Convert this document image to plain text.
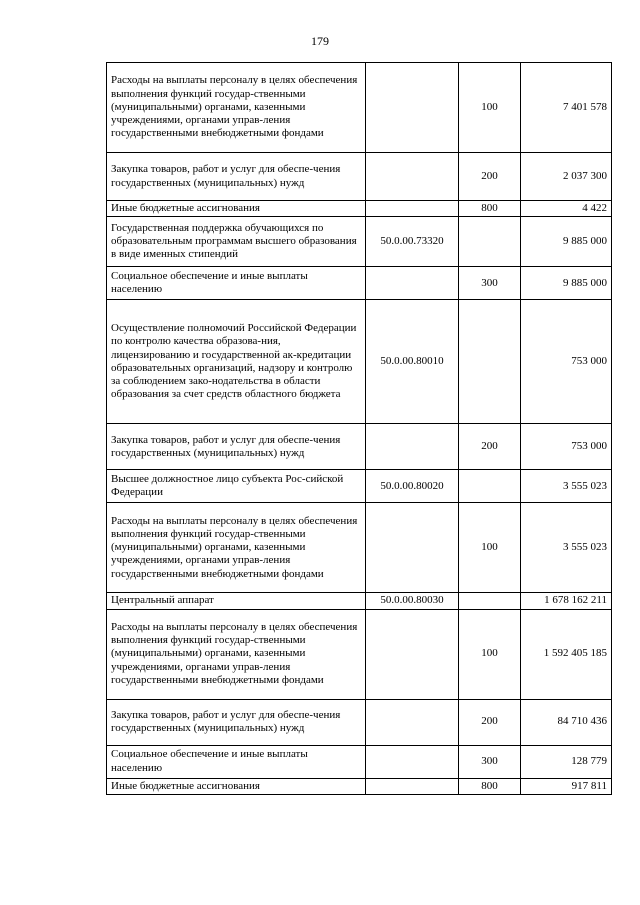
179
Расходы на выплаты персоналу в целях обеспечения выполнения функций государ-ственными (муниципальными) органами, казенными учреждениями, органами управ-ления государственными внебюджетными фондами		100	7 401 578
Закупка товаров, работ и услуг для обеспе-чения государственных (муниципальных) нужд		200	2 037 300
Иные бюджетные ассигнования		800	4 422
Государственная поддержка обучающихся по образовательным программам высшего образования в виде именных стипендий	50.0.00.73320		9 885 000
Социальное обеспечение и иные выплаты населению		300	9 885 000
Осуществление полномочий Российской Федерации по контролю качества образова-ния, лицензированию и государственной ак-кредитации образовательных организаций, надзору и контролю за соблюдением зако-нодательства в области образования за счет средств областного бюджета	50.0.00.80010		753 000
Закупка товаров, работ и услуг для обеспе-чения государственных (муниципальных) нужд		200	753 000
Высшее должностное лицо субъекта Рос-сийской Федерации	50.0.00.80020		3 555 023
Расходы на выплаты персоналу в целях обеспечения выполнения функций государ-ственными (муниципальными) органами, казенными учреждениями, органами управ-ления государственными внебюджетными фондами		100	3 555 023
Центральный аппарат	50.0.00.80030		1 678 162 211
Расходы на выплаты персоналу в целях обеспечения выполнения функций государ-ственными (муниципальными) органами, казенными учреждениями, органами управ-ления государственными внебюджетными фондами		100	1 592 405 185
Закупка товаров, работ и услуг для обеспе-чения государственных (муниципальных) нужд		200	84 710 436
Социальное обеспечение и иные выплаты населению		300	128 779
Иные бюджетные ассигнования		800	917 811
